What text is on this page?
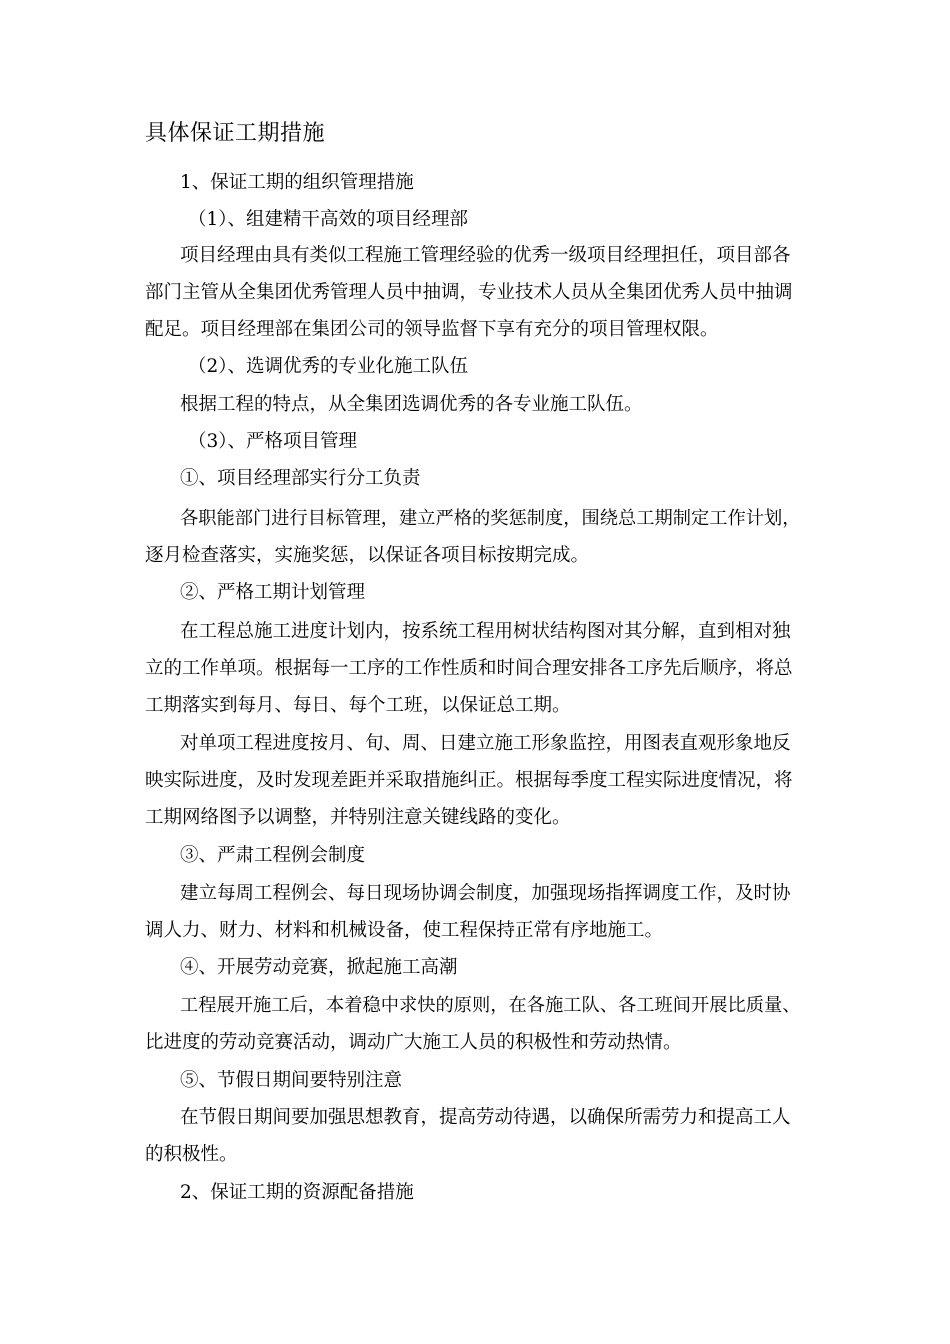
具体保证工期措施
1、保证工期的组织管理措施
（1）、组建精干高效的项目经理部
项目经理由具有类似工程施工管理经验的优秀一级项目经理担任，项目部各
部门主管从全集团优秀管理人员中抽调，专业技术人员从全集团优秀人员中抽调
配足。项目经理部在集团公司的领导监督下享有充分的项目管理权限。
（2）、选调优秀的专业化施工队伍
根据工程的特点，从全集团选调优秀的各专业施工队伍。
（3）、严格项目管理
①、项目经理部实行分工负责
各职能部门进行目标管理，建立严格的奖惩制度，围绕总工期制定工作计划，
逐月检查落实，实施奖惩，以保证各项目标按期完成。
②、严格工期计划管理
在工程总施工进度计划内，按系统工程用树状结构图对其分解，直到相对独
立的工作单项。根据每一工序的工作性质和时间合理安排各工序先后顺序，将总
工期落实到每月、每日、每个工班，以保证总工期。
对单项工程进度按月、旬、周、日建立施工形象监控，用图表直观形象地反
映实际进度，及时发现差距并采取措施纠正。根据每季度工程实际进度情况，将
工期网络图予以调整，并特别注意关键线路的变化。
③、严肃工程例会制度
建立每周工程例会、每日现场协调会制度，加强现场指挥调度工作，及时协
调人力、财力、材料和机械设备，使工程保持正常有序地施工。
④、开展劳动竞赛，掀起施工高潮
工程展开施工后，本着稳中求快的原则，在各施工队、各工班间开展比质量、
比进度的劳动竞赛活动，调动广大施工人员的积极性和劳动热情。
⑤、节假日期间要特别注意
在节假日期间要加强思想教育，提高劳动待遇，以确保所需劳力和提高工人
的积极性。
2、保证工期的资源配备措施
